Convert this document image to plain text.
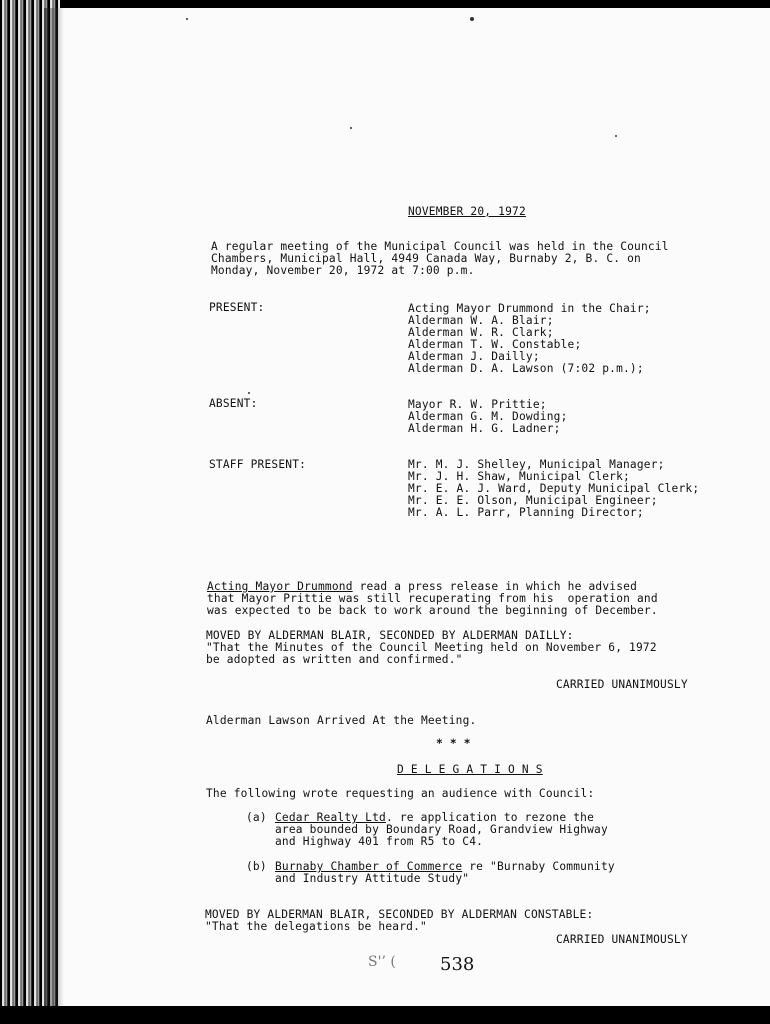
NOVEMBER 20, 1972
A regular meeting of the Municipal Council was held in the Council
Chambers, Municipal Hall, 4949 Canada Way, Burnaby 2, B. C. on
Monday, November 20, 1972 at 7:00 p.m.
PRESENT:	Acting Mayor Drummond in the Chair;
Alderman W. A. Blair;
Alderman W. R. Clark;
Alderman T. W. Constable;
Alderman J. Dailly;
Alderman D. A. Lawson (7:02 p.m.);
ABSENT:	Mayor R. W. Prittie;
Alderman G. M. Dowding;
Alderman H. G. Ladner;
STAFF PRESENT:	Mr. M. J. Shelley, Municipal Manager;
Mr. J. H. Shaw, Municipal Clerk;
Mr. E. A. J. Ward, Deputy Municipal Clerk;
Mr. E. E. Olson, Municipal Engineer;
Mr. A. L. Parr, Planning Director;
Acting Mayor Drummond read a press release in which he advised
that Mayor Prittie was still recuperating from his  operation and
was expected to be back to work around the beginning of December.
MOVED BY ALDERMAN BLAIR, SECONDED BY ALDERMAN DAILLY:
"That the Minutes of the Council Meeting held on November 6, 1972
be adopted as written and confirmed."
CARRIED UNANIMOUSLY
Alderman Lawson Arrived At the Meeting.
* * *
D E L E G A T I O N S
The following wrote requesting an audience with Council:
(a) Cedar Realty Ltd. re application to rezone the
area bounded by Boundary Road, Grandview Highway
and Highway 401 from R5 to C4.
(b) Burnaby Chamber of Commerce re "Burnaby Community
and Industry Attitude Study"
MOVED BY ALDERMAN BLAIR, SECONDED BY ALDERMAN CONSTABLE:
"That the delegations be heard."
CARRIED UNANIMOUSLY
S'’ ( 538
